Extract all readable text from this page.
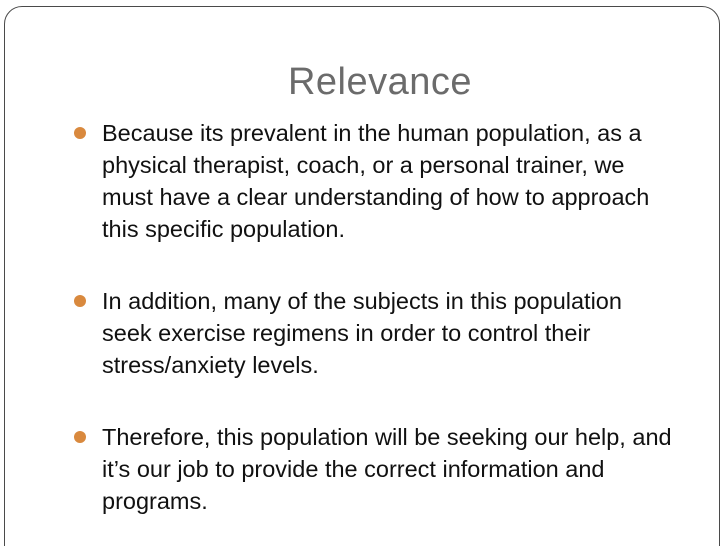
Relevance
Because its prevalent in the human population, as a physical therapist, coach, or a personal trainer, we must have a clear understanding of how to approach this specific population.
In addition, many of the subjects in this population seek exercise regimens in order to control their stress/anxiety levels.
Therefore, this population will be seeking our help, and it’s our job to provide the correct information and programs.
